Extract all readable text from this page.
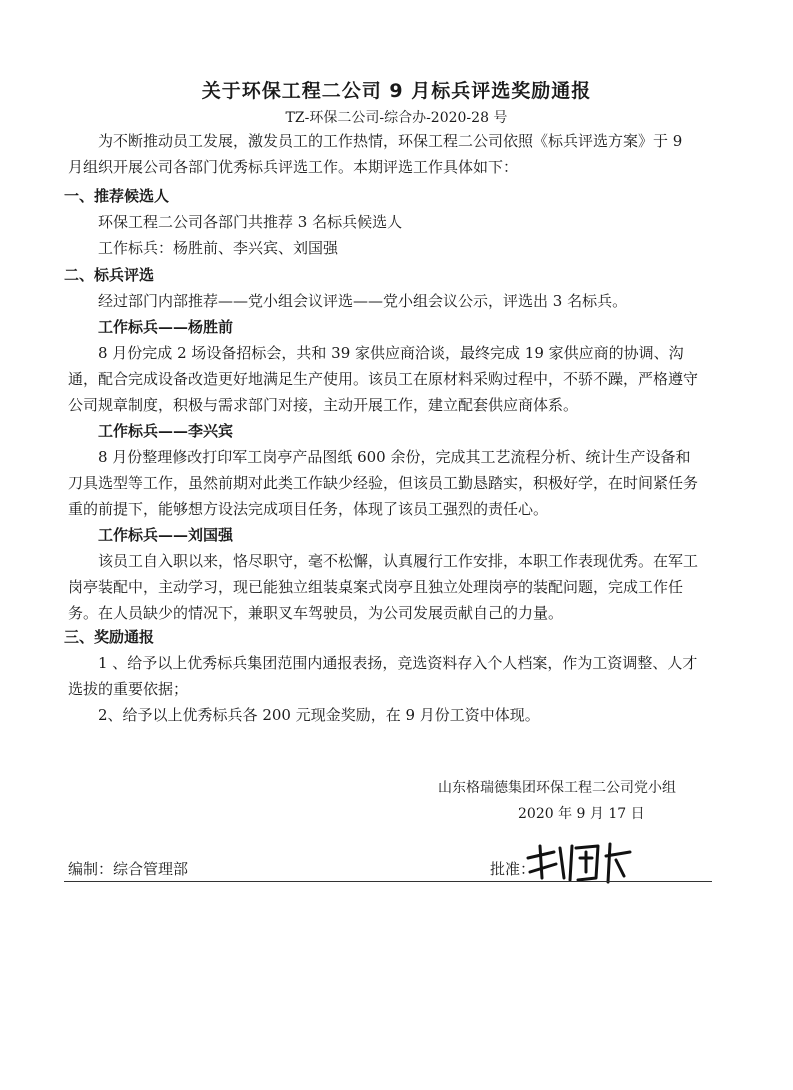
关于环保工程二公司 9 月标兵评选奖励通报
TZ-环保二公司-综合办-2020-28 号

为不断推动员工发展，激发员工的工作热情，环保工程二公司依照《标兵评选方案》于 9 月组织开展公司各部门优秀标兵评选工作。本期评选工作具体如下：

一、推荐候选人

环保工程二公司各部门共推荐 3 名标兵候选人

工作标兵：杨胜前、李兴宾、刘国强

二、标兵评选

经过部门内部推荐——党小组会议评选——党小组会议公示，评选出 3 名标兵。

工作标兵——杨胜前

8 月份完成 2 场设备招标会，共和 39 家供应商洽谈，最终完成 19 家供应商的协调、沟通，配合完成设备改造更好地满足生产使用。该员工在原材料采购过程中，不骄不躁，严格遵守公司规章制度，积极与需求部门对接，主动开展工作，建立配套供应商体系。

工作标兵——李兴宾

8 月份整理修改打印军工岗亭产品图纸 600 余份，完成其工艺流程分析、统计生产设备和刀具选型等工作，虽然前期对此类工作缺少经验，但该员工勤恳踏实，积极好学，在时间紧任务重的前提下，能够想方设法完成项目任务，体现了该员工强烈的责任心。

工作标兵——刘国强

该员工自入职以来，恪尽职守，毫不松懈，认真履行工作安排，本职工作表现优秀。在军工岗亭装配中，主动学习，现已能独立组装桌案式岗亭且独立处理岗亭的装配问题，完成工作任务。在人员缺少的情况下，兼职叉车驾驶员，为公司发展贡献自己的力量。

三、奖励通报

1 、给予以上优秀标兵集团范围内通报表扬，竞选资料存入个人档案，作为工资调整、人才选拔的重要依据；

2、给予以上优秀标兵各 200 元现金奖励，在 9 月份工资中体现。

山东格瑞德集团环保工程二公司党小组
2020 年 9 月 17 日
编制：综合管理部	批准：
